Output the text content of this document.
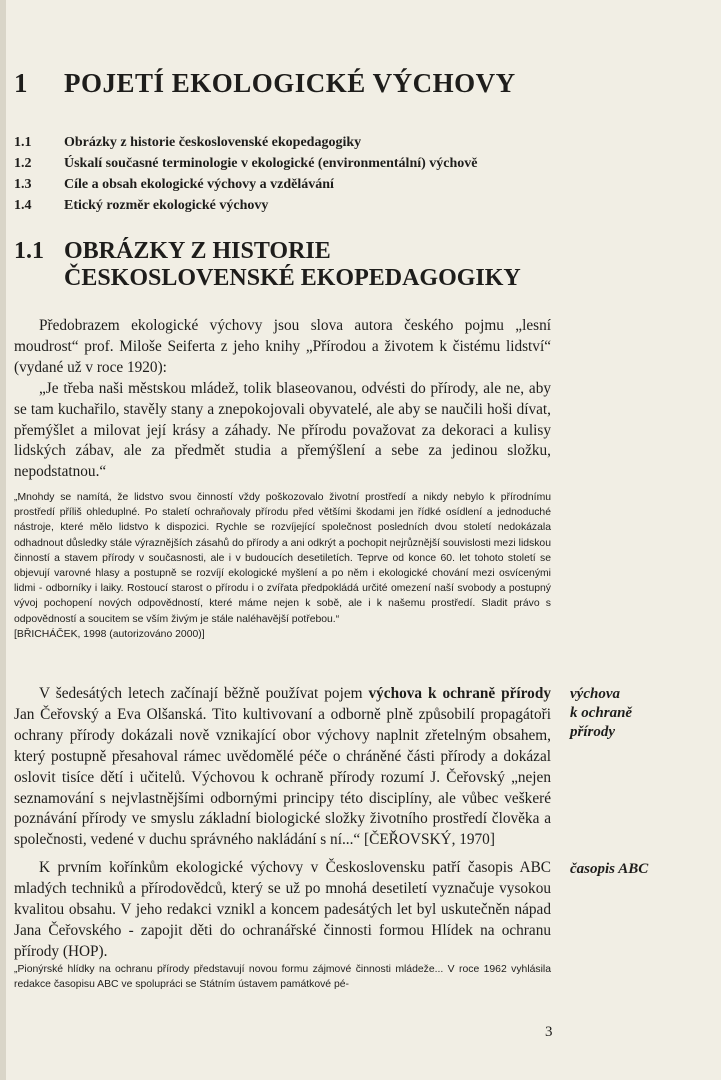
1 POJETÍ EKOLOGICKÉ VÝCHOVY
1.1 Obrázky z historie československé ekopedagogiky
1.2 Úskalí současné terminologie v ekologické (environmentální) výchově
1.3 Cíle a obsah ekologické výchovy a vzdělávání
1.4 Etický rozměr ekologické výchovy
1.1 OBRÁZKY Z HISTORIE
ČESKOSLOVENSKÉ EKOPEDAGOGIKY

Předobrazem ekologické výchovy jsou slova autora českého pojmu „lesní moudrost“ prof. Miloše Seiferta z jeho knihy „Přírodou a životem k čistému lidství“ (vydané už v roce 1920):

„Je třeba naši městskou mládež, tolik blaseovanou, odvésti do přírody, ale ne, aby se tam kuchařilo, stavěly stany a znepokojovali obyvatelé, ale aby se naučili hoši dívat, přemýšlet a milovat její krásy a záhady. Ne přírodu považovat za dekoraci a kulisy lidských zábav, ale za předmět studia a přemýšlení a sebe za jedinou složku, nepodstatnou.“

„Mnohdy se namítá, že lidstvo svou činností vždy poškozovalo životní prostředí a nikdy nebylo k přírodnímu prostředí příliš ohleduplné. Po staletí ochraňovaly přírodu před většími škodami jen řídké osídlení a jednoduché nástroje, které mělo lidstvo k dispozici. Rychle se rozvíjející společnost posledních dvou století nedokázala odhadnout důsledky stále výraznějších zásahů do přírody a ani odkrýt a pochopit nejrůznější souvislosti mezi lidskou činností a stavem přírody v současnosti, ale i v budoucích desetiletích. Teprve od konce 60. let tohoto století se objevují varovné hlasy a postupně se rozvíjí ekologické myšlení a po něm i ekologické chování mezi osvícenými lidmi - odborníky i laiky. Rostoucí starost o přírodu i o zvířata předpokládá určité omezení naší svobody a postupný vývoj pochopení nových odpovědností, které máme nejen k sobě, ale i k našemu prostředí. Sladit právo s odpovědností a soucitem se vším živým je stále naléhavější potřebou.“

[BŘICHÁČEK, 1998 (autorizováno 2000)]

V šedesátých letech začínají běžně používat pojem výchova k ochraně přírody Jan Čeřovský a Eva Olšanská. Tito kultivovaní a odborně plně způsobilí propagátoři ochrany přírody dokázali nově vznikající obor výchovy naplnit zřetelným obsahem, který postupně přesahoval rámec uvědomělé péče o chráněné části přírody a dokázal oslovit tisíce dětí i učitelů. Výchovou k ochraně přírody rozumí J. Čeřovský „nejen seznamování s nejvlastnějšími odbornými principy této disciplíny, ale vůbec veškeré poznávání přírody ve smyslu základní biologické složky životního prostředí člověka a společnosti, vedené v duchu správného nakládání s ní...“ [ČEŘOVSKÝ, 1970]

výchova
k ochraně
přírody

K prvním kořínkům ekologické výchovy v Československu patří časopis ABC mladých techniků a přírodovědců, který se už po mnohá desetiletí vyznačuje vysokou kvalitou obsahu. V jeho redakci vznikl a koncem padesátých let byl uskutečněn nápad Jana Čeřovského - zapojit děti do ochranářské činnosti formou Hlídek na ochranu přírody (HOP).

časopis ABC

„Pionýrské hlídky na ochranu přírody představují novou formu zájmové činnosti mládeže... V roce 1962 vyhlásila redakce časopisu ABC ve spolupráci se Státním ústavem památkové pé-

3
